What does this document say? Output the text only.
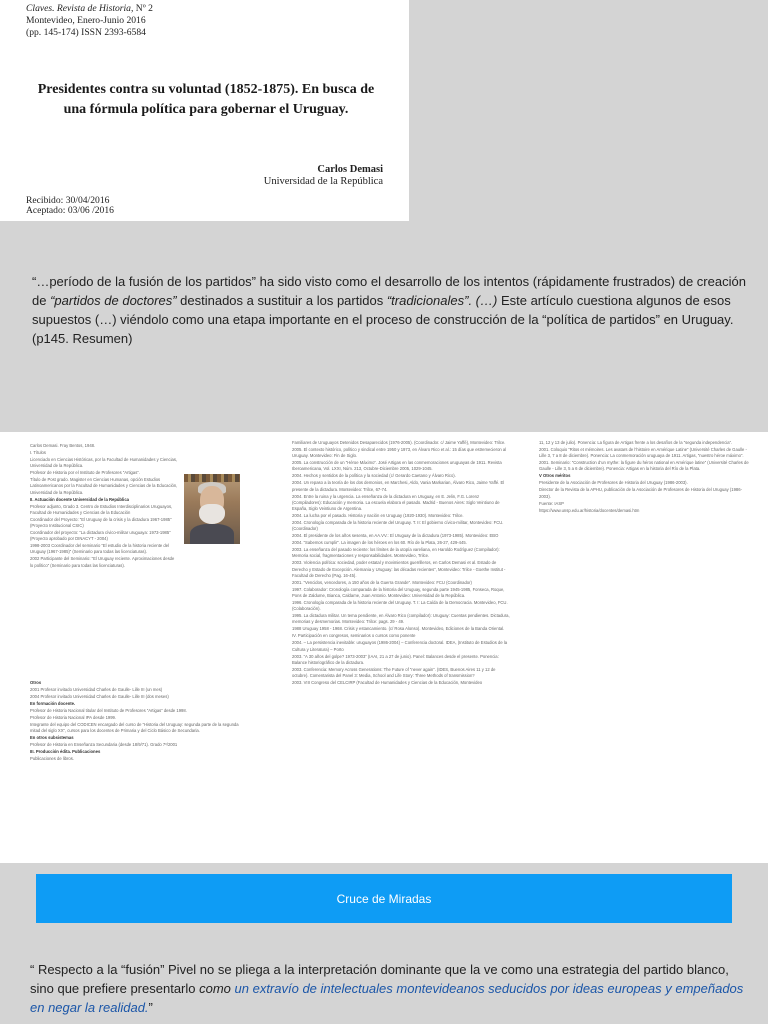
Claves. Revista de Historia, Nº 2
Montevideo, Enero-Junio 2016
(pp. 145-174) ISSN 2393-6584
Presidentes contra su voluntad (1852-1875). En busca de una fórmula política para gobernar el Uruguay.
Carlos Demasi
Universidad de la República
Recibido: 30/04/2016
Aceptado: 03/06 /2016
“…período de la fusión de los partidos” ha sido visto como el desarrollo de los intentos (rápidamente frustrados) de creación de “partidos de doctores” destinados a sustituir a los partidos “tradicionales”. (…) Este artículo cuestiona algunos de esos supuestos (…) viéndolo como una etapa importante en el proceso de construcción de la “política de partidos” en Uruguay. (p145. Resumen)

Carlos Demasi. Fray Bentos, 1948.

I. Títulos

Licenciado en Ciencias Históricas, por la Facultad de Humanidades y Ciencias, Universidad de la República.

Profesor de Historia por el Instituto de Profesores “Artigas”.

Título de Post grado. Magister en Ciencias Humanas, opción Estudios Latinoamericanos por la Facultad de Humanidades y Ciencias de la Educación, Universidad de la República.

II. Actuación docente Universidad de la República

Profesor adjunto, Grado 3. Centro de Estudios Interdisciplinarios Uruguayos, Facultad de Humanidades y Ciencias de la Educación

Coordinador del Proyecto: “El Uruguay de la crisis y la dictadura 1967-1985” (Proyecto Institucional CSIC)

Coordinador del proyecto: “La dictadura cívico-militar uruguaya: 1973-1985” (Proyecto aprobado por DINACYT - 2004)

1998-2003 Coordinador del seminario “El estudio de la historia reciente del Uruguay (1967-1985)” (Seminario para todas las licenciaturas).

2002 Participante del Seminario: “El Uruguay reciente. Aproximaciones desde lo político” (Seminario para todas las licenciaturas).

Otros

2001 Profesor invitado Universidad Charles de Gaulle- Lille III (un mes)

2004 Profesor invitado Universidad Charles de Gaulle- Lille III (dos meses)

En formación docente.

Profesor de Historia Nacional titular del Instituto de Profesores “Artigas” desde 1998.

Profesor de Historia Nacional IPA desde 1999.

Integrante del equipo del CODICEN encargado del curso de “Historia del Uruguay: segunda parte de la segunda mitad del siglo XX”, cursos para los docentes de Primaria y del Ciclo Básico de Secundaria.

En otros subsistemas

Profesor de Historia en Enseñanza Secundaria (desde 18/9/71). Grado 7º/2001

III. Producción édita. Publicaciones

Publicaciones de libros.

Familiares de Uruguayos Detenidos Desaparecidos (1976-2005). (Coordinador. c/ Jaime Yaffé), Montevideo: Trilce.

2005. El contexto histórico, político y sindical entre 1950 y 1973, en Álvaro Rico et al.: 15 días que estremecieron al Uruguay. Montevideo: Fin de Siglo.

2005. La construcción de un “Héroe Máximo”. José Artigas en las conmemoraciones uruguayas de 1911. Revista Iberoamericana, Vol. LXXI, Núm. 213, Octubre-Diciembre 2005, 1029-1045.

2004. Hechos y sentidos de la política y la sociedad (c/ Gerardo Caetano y Álvaro Rico).

2004. Un repaso a la teoría de los dos demonios, en Marchesi, Aldo, Vania Markarian, Álvaro Rico, Jaime Yaffé. El presente de la dictadura. Montevideo: Trilce, 67-74.

2004. Entre la ruina y la urgencia. La enseñanza de la dictadura en Uruguay, en E. Jelin, F.G. Lorenz (Compiladores): Educación y memoria. La escuela elabora el pasado. Madrid - Buenos Aires: Siglo Veintiuno de España, Siglo Veintiuno de Argentina.

2004. La lucha por el pasado. Historia y nación en Uruguay (1920-1930). Montevideo: Trilce.

2004. Cronología comparada de la historia reciente del Uruguay. T. II: El gobierno cívico-militar, Montevideo: FCU. (Coordinador)

2004. El presidente de los años sesenta, en AA.VV.: El Uruguay de la dictadura (1973-1985). Montevideo: EBO

2004. “Sabemos cumplir”. La imagen de los héroes en los 60. Río de la Plata, 26-27, 429-445.

2003. La enseñanza del pasado reciente: los límites de la utopía vareliana, en Haroldo Rodríguez (Compilador): Memoria social, fragmentaciones y responsabilidades. Montevideo, Trilce.

2003. Violencia política: sociedad, poder estatal y movimientos guerrilleros, en Carlos Demasi et al. Estado de Derecho y Estado de Excepción. Alemania y Uruguay: las décadas recientes”, Montevideo: Trilce - Goethe Institut - Facultad de Derecho (Pag. 16-45).

2001. “Vencidos, vencedores, a 150 años de la Guerra Grande”. Montevideo: FCU (Coordinador)

1997. Colaborador: Cronología comparada de la historia del Uruguay, segunda parte 1945-1985, Fonseca, Roque, Pons de Zaldume, Bianca, Caldame, Juan Antonio. Montevideo: Universidad de la República.

1996. Cronología comparada de la historia reciente del Uruguay. T. I: La Caída de la Democracia. Montevideo, FCU. (Colaboración).

1995. La dictadura militar. Un tema pendiente, en Álvaro Rico (compilador): Uruguay: Cuentas pendientes. Dictadura, memorias y desmemorias. Montevideo: Trilce: pags. 29 - 49.

1988 Uruguay 1958 - 1968. Crisis y estancamiento. (c/ Rosa Alonso). Montevideo, Ediciones de la Banda Oriental.

IV. Participación en congresos, seminarios o cursos como ponente

2004. – La persistencia inevitable: uruguayos (1986-2004) – Conferencia doctoral. IDEA, (Instituto de Estudios de la Cultura y Literatura) – Porto

2003. “A 30 años del golpe? 1973-2003” (IAAI, 21 a 27 de junio). Panel: Balances desde el presente. Ponencia: Balance historiográfico de la dictadura.

2003. Conferencia: Memory Across Generations: The Future of “never again”. (IDES, Buenos Aires 11 y 12 de octubre). Comentarista del Panel 3: Media, School and Life Story: Three Methods of transmission?

2003. VIII Congreso del CELCIRP (Facultad de Humanidades y Ciencias de la Educación, Montevideo

11, 12 y 13 de julio). Ponencia: La figura de Artigas frente a los desafíos de la “segunda independencia”.

2001. Coloquio “Ritos et mémoires. Les avatars de l’histoire en Amérique Latine” (Université Charles de Gaulle - Lille 3, 7 a 8 de diciembre). Ponencia: La conmemoración uruguaya de 1911. Artigas, “nuestro héroe máximo”.

2001. Seminario: “Construction d’un mythe: la figure du héros national en Amérique latine” (Université Charles de Gaulle - Lille 3, 5 a 6 de diciembre). Ponencia: Artigas en la historia del Río de la Plata.

V Otros méritos

Presidente de la Asociación de Profesores de Historia del Uruguay (1986-2003).

Director de la Revista de la APHU, publicación de la Asociación de Profesores de Historia del Uruguay (1986-2003).

Fuente: IASP

https://www.unsp.edu.ar/historia/docentes/demasi.htm

Cruce de Miradas
“ Respecto a la “fusión” Pivel no se pliega a la interpretación dominante que la ve como una estrategia del partido blanco, sino que prefiere presentarlo como un extravío de intelectuales montevideanos seducidos por ideas europeas y empeñados en negar la realidad.”
